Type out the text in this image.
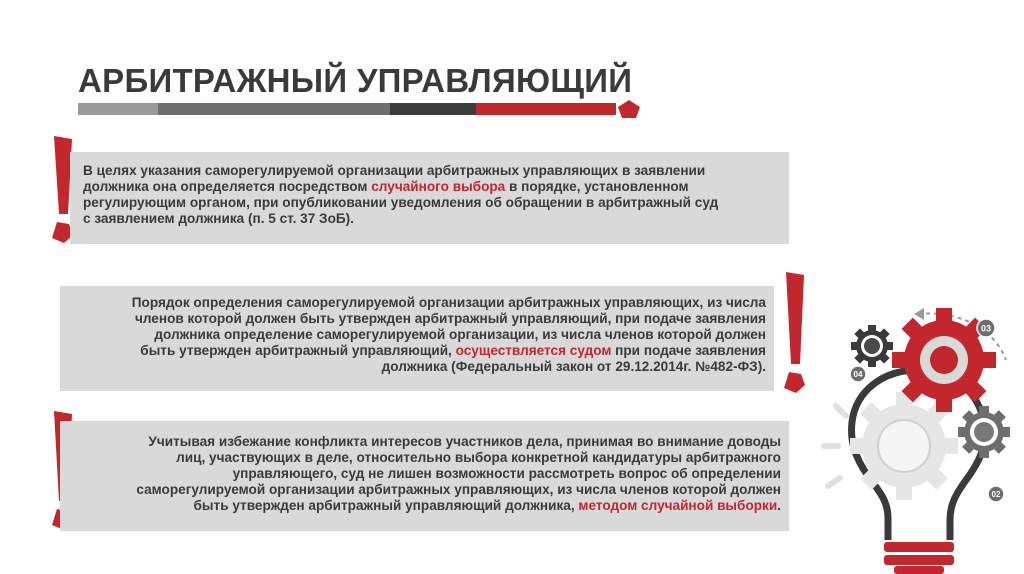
АРБИТРАЖНЫЙ УПРАВЛЯЮЩИЙ
В целях указания саморегулируемой организации арбитражных управляющих в заявлении
должника она определяется посредством случайного выбора в порядке, установленном
регулирующим органом, при опубликовании уведомления об обращении в арбитражный суд
с заявлением должника (п. 5 ст. 37 ЗоБ).
Порядок определения саморегулируемой организации арбитражных управляющих, из числа
членов которой должен быть утвержден арбитражный управляющий, при подаче заявления
должника определение саморегулируемой организации, из числа членов которой должен
быть утвержден арбитражный управляющий, осуществляется судом при подаче заявления
должника (Федеральный закон от 29.12.2014г. №482-ФЗ).
Учитывая избежание конфликта интересов участников дела, принимая во внимание доводы
лиц, участвующих в деле, относительно выбора конкретной кандидатуры арбитражного
управляющего, суд не лишен возможности рассмотреть вопрос об определении
саморегулируемой организации арбитражных управляющих, из числа членов которой должен
быть утвержден арбитражный управляющий должника, методом случайной выборки.
03
04
02
01
